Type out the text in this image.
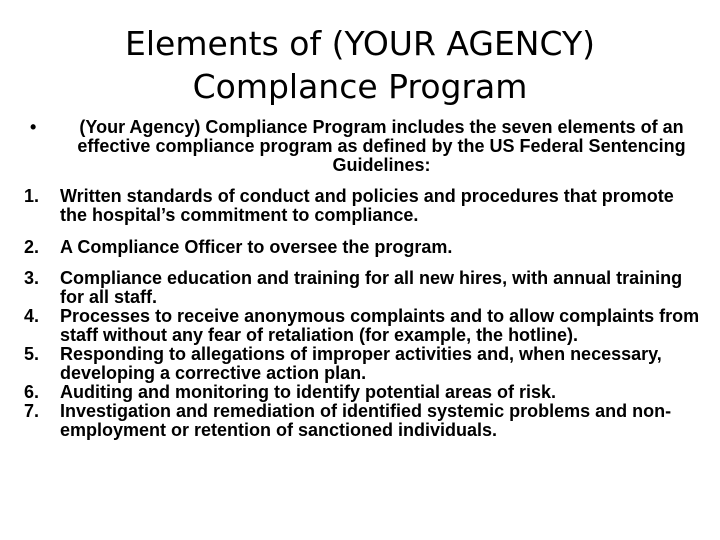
Elements of (YOUR AGENCY)
Complance Program
•	(Your Agency) Compliance Program includes the seven elements of an effective compliance program as defined by the US Federal Sentencing Guidelines:
1. Written standards of conduct and policies and procedures that promote the hospital’s commitment to compliance.
2. A Compliance Officer to oversee the program.
3. Compliance education and training for all new hires, with annual training for all staff.
4. Processes to receive anonymous complaints and to allow complaints from staff without any fear of retaliation (for example, the hotline).
5. Responding to allegations of improper activities and, when necessary, developing a corrective action plan.
6. Auditing and monitoring to identify potential areas of risk.
7. Investigation and remediation of identified systemic problems and non-employment or retention of sanctioned individuals.
